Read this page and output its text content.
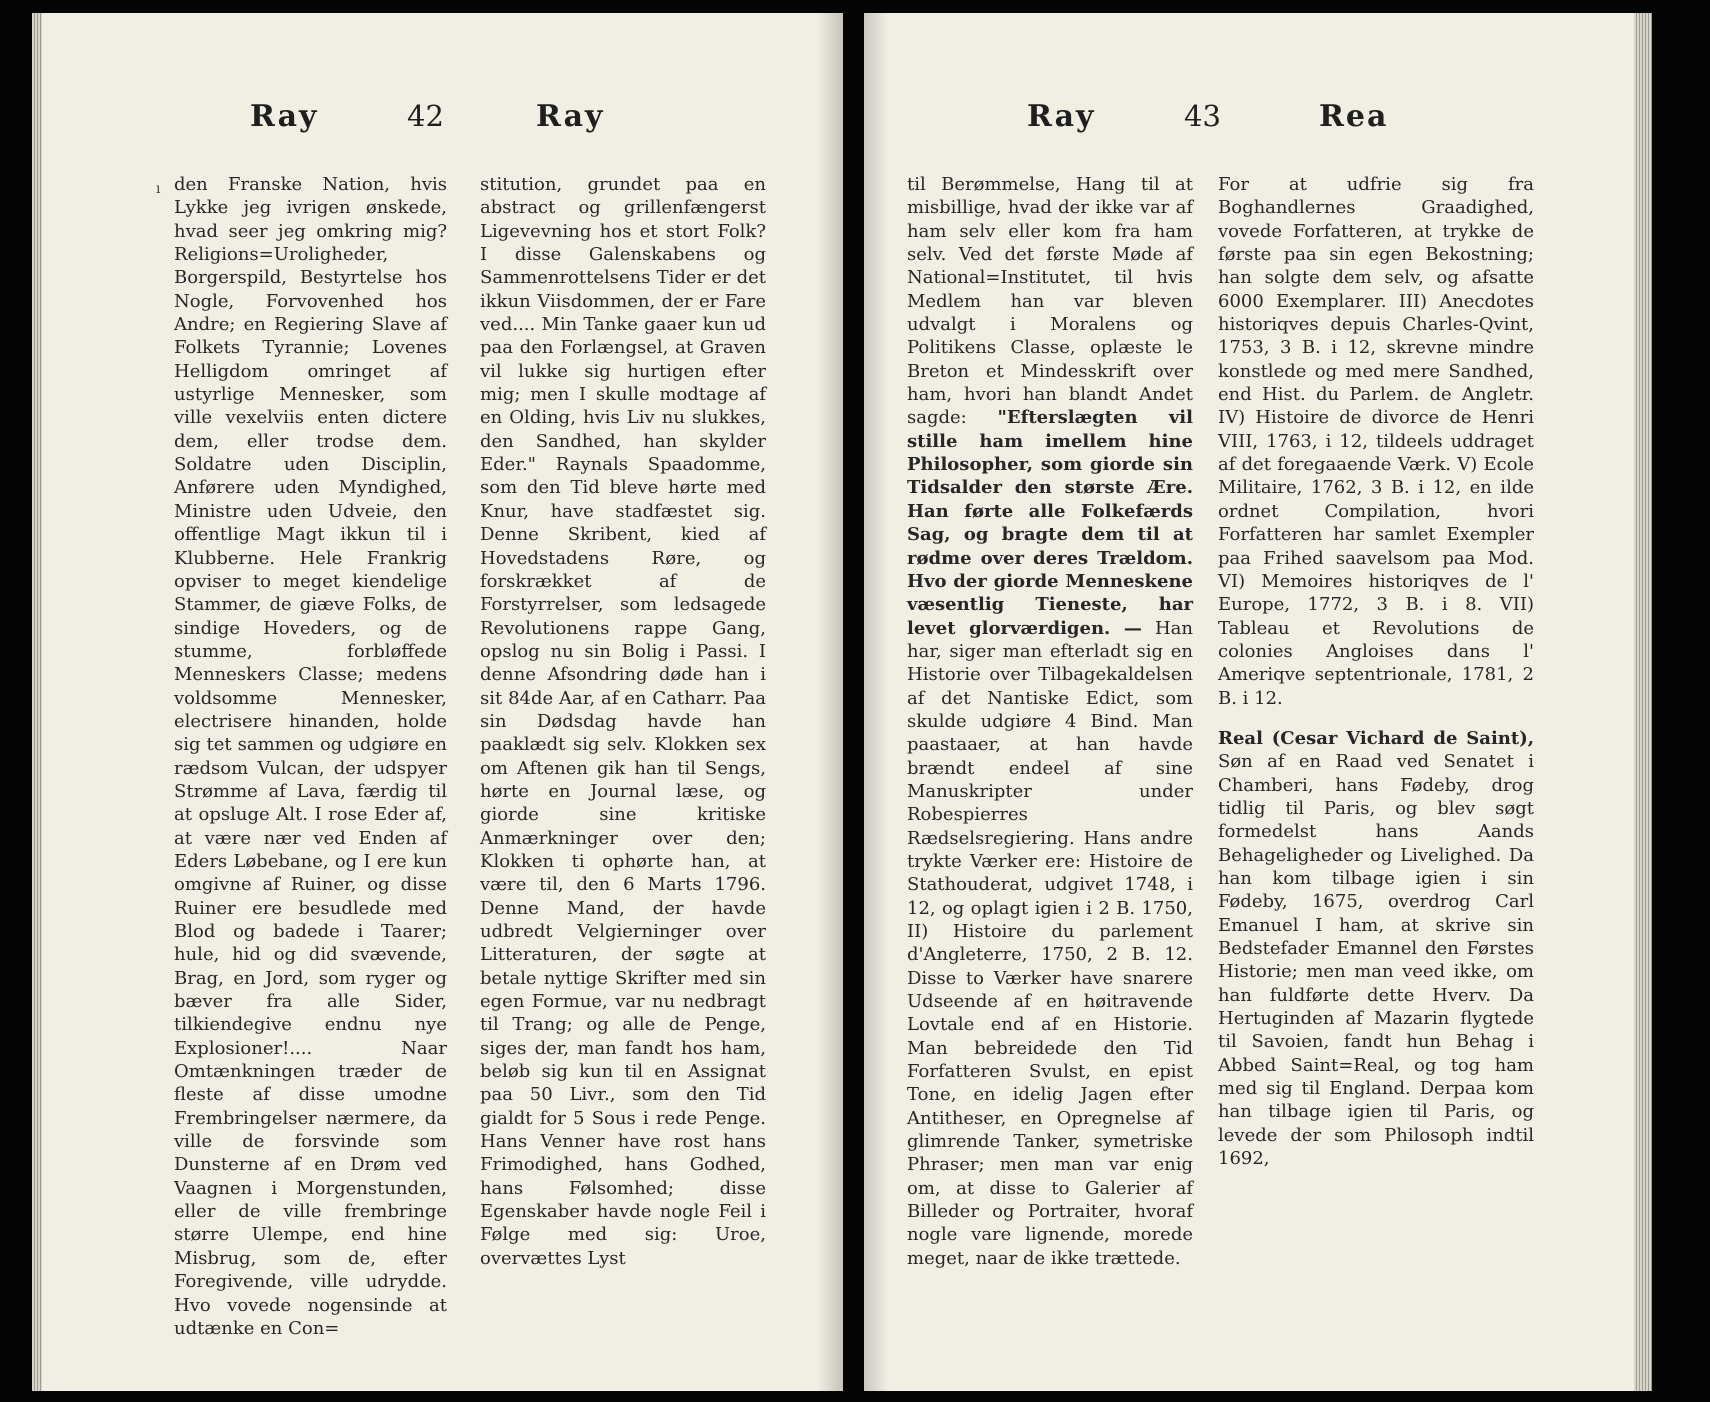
Ray	42	Ray
ı den Franske Nation, hvis Lykke jeg ivrigen ønskede, hvad seer jeg omkring mig? Religions=Uroligheder, Borgerspild, Bestyrtelse hos Nogle, Forvovenhed hos Andre; en Regiering Slave af Folkets Tyrannie; Lovenes Helligdom omringet af ustyrlige Mennesker, som ville vexelviis enten dictere dem, eller trodse dem. Soldatre uden Disciplin, Anførere uden Myndighed, Ministre uden Udveie, den offentlige Magt ikkun til i Klubberne. Hele Frankrig opviser to meget kiendelige Stammer, de giæve Folks, de sindige Hoveders, og de stumme, forbløffede Menneskers Classe; medens voldsomme Mennesker, electrisere hinanden, holde sig tet sammen og udgiøre en rædsom Vulcan, der udspyer Strømme af Lava, færdig til at opsluge Alt. I rose Eder af, at være nær ved Enden af Eders Løbebane, og I ere kun omgivne af Ruiner, og disse Ruiner ere besudlede med Blod og badede i Taarer; hule, hid og did svævende, Brag, en Jord, som ryger og bæver fra alle Sider, tilkiendegive endnu nye Explosioner!.... Naar Omtænkningen træder de fleste af disse umodne Frembringelser nærmere, da ville de forsvinde som Dunsterne af en Drøm ved Vaagnen i Morgenstunden, eller de ville frembringe større Ulempe, end hine Misbrug, som de, efter Foregivende, ville udrydde. Hvo vovede nogensinde at udtænke en Con=

stitution, grundet paa en abstract og grillenfængerst Ligevevning hos et stort Folk? I disse Galenskabens og Sammenrottelsens Tider er det ikkun Viisdommen, der er Fare ved.... Min Tanke gaaer kun ud paa den Forlængsel, at Graven vil lukke sig hurtigen efter mig; men I skulle modtage af en Olding, hvis Liv nu slukkes, den Sandhed, han skylder Eder." Raynals Spaadomme, som den Tid bleve hørte med Knur, have stadfæstet sig. Denne Skribent, kied af Hovedstadens Røre, og forskrækket af de Forstyrrelser, som ledsagede Revolutionens rappe Gang, opslog nu sin Bolig i Passi. I denne Afsondring døde han i sit 84de Aar, af en Catharr. Paa sin Dødsdag havde han paaklædt sig selv. Klokken sex om Aftenen gik han til Sengs, hørte en Journal læse, og giorde sine kritiske Anmærkninger over den; Klokken ti ophørte han, at være til, den 6 Marts 1796. Denne Mand, der havde udbredt Velgierninger over Litteraturen, der søgte at betale nyttige Skrifter med sin egen Formue, var nu nedbragt til Trang; og alle de Penge, siges der, man fandt hos ham, beløb sig kun til en Assignat paa 50 Livr., som den Tid gialdt for 5 Sous i rede Penge. Hans Venner have rost hans Frimodighed, hans Godhed, hans Følsomhed; disse Egenskaber havde nogle Feil i Følge med sig: Uroe, overvættes Lyst

Ray	43	Rea

til Berømmelse, Hang til at misbillige, hvad der ikke var af ham selv eller kom fra ham selv. Ved det første Møde af National=Institutet, til hvis Medlem han var bleven udvalgt i Moralens og Politikens Classe, oplæste le Breton et Mindesskrift over ham, hvori han blandt Andet sagde: "Efterslægten vil stille ham imellem hine Philosopher, som giorde sin Tidsalder den største Ære. Han førte alle Folkefærds Sag, og bragte dem til at rødme over deres Trældom. Hvo der giorde Menneskene væsentlig Tieneste, har levet glorværdigen. — Han har, siger man efterladt sig en Historie over Tilbagekaldelsen af det Nantiske Edict, som skulde udgiøre 4 Bind. Man paastaaer, at han havde brændt endeel af sine Manuskripter under Robespierres Rædselsregiering. Hans andre trykte Værker ere: Histoire de Stathouderat, udgivet 1748, i 12, og oplagt igien i 2 B. 1750, II) Histoire du parlement d'Angleterre, 1750, 2 B. 12. Disse to Værker have snarere Udseende af en høitravende Lovtale end af en Historie. Man bebreidede den Tid Forfatteren Svulst, en epist Tone, en idelig Jagen efter Antitheser, en Opregnelse af glimrende Tanker, symetriske Phraser; men man var enig om, at disse to Galerier af Billeder og Portraiter, hvoraf nogle vare lignende, morede meget, naar de ikke trættede.

For at udfrie sig fra Boghandlernes Graadighed, vovede Forfatteren, at trykke de første paa sin egen Bekostning; han solgte dem selv, og afsatte 6000 Exemplarer. III) Anecdotes historiqves depuis Charles-Qvint, 1753, 3 B. i 12, skrevne mindre konstlede og med mere Sandhed, end Hist. du Parlem. de Angletr. IV) Histoire de divorce de Henri VIII, 1763, i 12, tildeels uddraget af det foregaaende Værk. V) Ecole Militaire, 1762, 3 B. i 12, en ilde ordnet Compilation, hvori Forfatteren har samlet Exempler paa Frihed saavelsom paa Mod. VI) Memoires historiqves de l' Europe, 1772, 3 B. i 8. VII) Tableau et Revolutions de colonies Angloises dans l' Ameriqve septentrionale, 1781, 2 B. i 12.

Real (Cesar Vichard de Saint), Søn af en Raad ved Senatet i Chamberi, hans Fødeby, drog tidlig til Paris, og blev søgt formedelst hans Aands Behageligheder og Livelighed. Da han kom tilbage igien i sin Fødeby, 1675, overdrog Carl Emanuel I ham, at skrive sin Bedstefader Emannel den Førstes Historie; men man veed ikke, om han fuldførte dette Hverv. Da Hertuginden af Mazarin flygtede til Savoien, fandt hun Behag i Abbed Saint=Real, og tog ham med sig til England. Derpaa kom han tilbage igien til Paris, og levede der som Philosoph indtil 1692,
